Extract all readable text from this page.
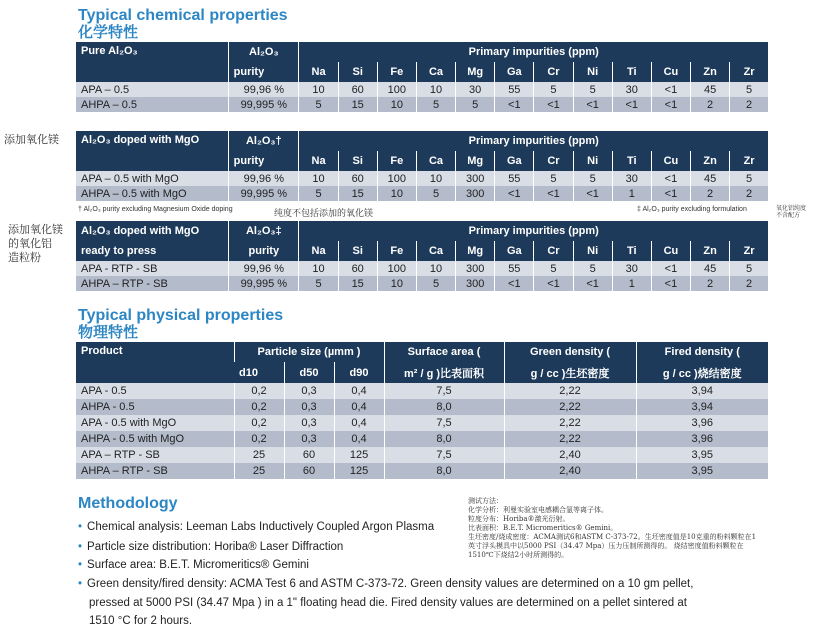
Typical chemical properties
化学特性
Pure Al₂O₃	Al₂O₃	Primary impurities (ppm)											
	purity	Na	Si	Fe	Ca	Mg	Ga	Cr	Ni	Ti	Cu	Zn	Zr
APA – 0.5	99,96 %	10	60	100	10	30	55	5	5	30	<1	45	5
AHPA – 0.5	99,995 %	5	15	10	5	5	<1	<1	<1	<1	<1	2	2
添加氧化镁 Al₂O₃ doped with MgO	Al₂O₃†	Primary impurities (ppm)											
	purity	Na	Si	Fe	Ca	Mg	Ga	Cr	Ni	Ti	Cu	Zn	Zr
APA – 0.5 with MgO	99,96 %	10	60	100	10	300	55	5	5	30	<1	45	5
AHPA – 0.5 with MgO	99,995 %	5	15	10	5	300	<1	<1	<1	1	<1	2	2
† Al₂O₃ purity excluding Magnesium Oxide doping	纯度不包括添加的氧化镁	‡ Al₂O₃ purity excluding formulation	氧化铝纯度
不含配方
添加氧化镁
的氧化铝
造粒粉
Al₂O₃ doped with MgO	Al₂O₃‡	Primary impurities (ppm)											
ready to press	purity	Na	Si	Fe	Ca	Mg	Ga	Cr	Ni	Ti	Cu	Zn	Zr
APA - RTP - SB	99,96 %	10	60	100	10	300	55	5	5	30	<1	45	5
AHPA – RTP - SB	99,995 %	5	15	10	5	300	<1	<1	<1	1	<1	2	2
Typical physical properties
物理特性
Product	Particle size (µmm )			Surface area (	Green density (	Fired density (
	d10	d50	d90	m² / g )比表面积	g / cc )生坯密度	g / cc )烧结密度
APA - 0.5	0,2	0,3	0,4	7,5	2,22	3,94
AHPA - 0.5	0,2	0,3	0,4	8,0	2,22	3,94
APA - 0.5 with MgO	0,2	0,3	0,4	7,5	2,22	3,96
AHPA - 0.5 with MgO	0,2	0,3	0,4	8,0	2,22	3,96
APA – RTP - SB	25	60	125	7,5	2,40	3,95
AHPA – RTP - SB	25	60	125	8,0	2,40	3,95
Methodology	测试方法：
化学分析：利曼实验室电感耦合氩等离子体。
粒度分布：Horiba®激光衍射。
比表面积：B.E.T. Micromeritics® Gemini。
生坯密度/烧成密度：ACMA测试6和ASTM C-373-72。生坯密度值是10克重的粉料颗粒在1
英寸浮头模具中以5000 PSI（34.47 Mpa）压力压制所测得的。 烧结密度值粉料颗粒在
1510℃下烧结2小时所测得的。
• Chemical analysis: Leeman Labs Inductively Coupled Argon Plasma
• Particle size distribution: Horiba® Laser Diffraction
• Surface area: B.E.T. Micromeritics® Gemini
• Green density/fired density: ACMA Test 6 and ASTM C-373-72. Green density values are determined on a 10 gm pellet,
pressed at 5000 PSI (34.47 Mpa ) in a 1" floating head die. Fired density values are determined on a pellet sintered at
1510 °C for 2 hours.
